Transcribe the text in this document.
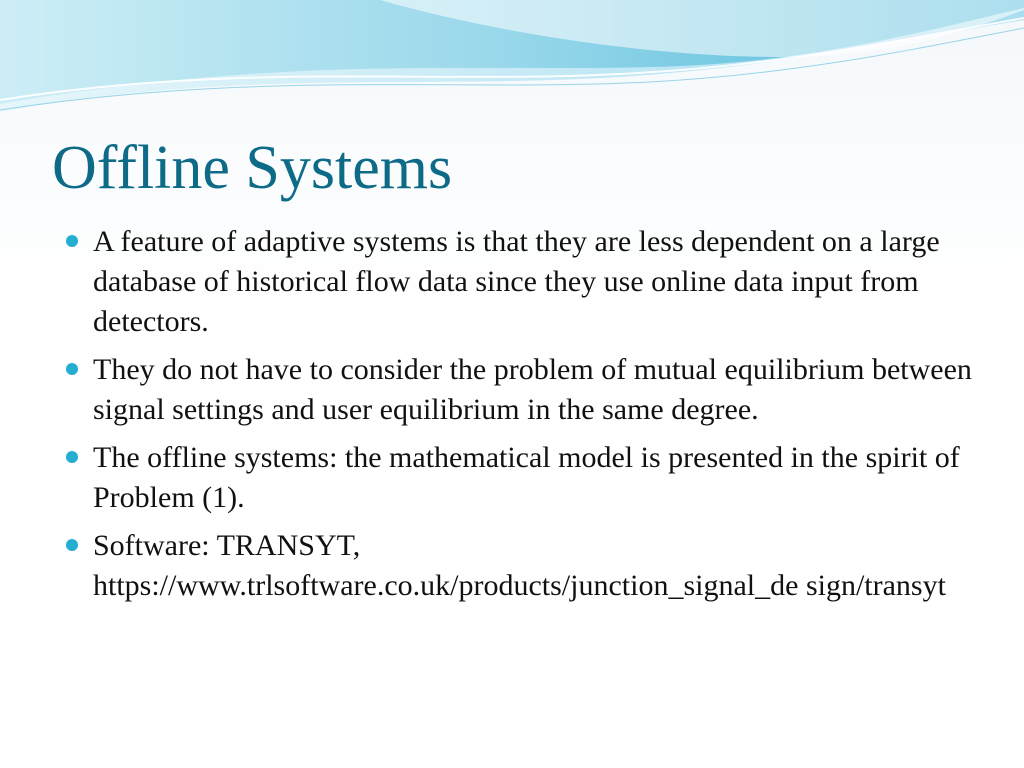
Offline Systems
A feature of adaptive systems is that they are less dependent on a large database of historical flow data since they use online data input from detectors.
They do not have to consider the problem of mutual equilibrium between signal settings and user equilibrium in the same degree.
The offline systems: the mathematical model is presented in the spirit of Problem (1).
Software: TRANSYT,
https://www.trlsoftware.co.uk/products/junction_signal_de sign/transyt
